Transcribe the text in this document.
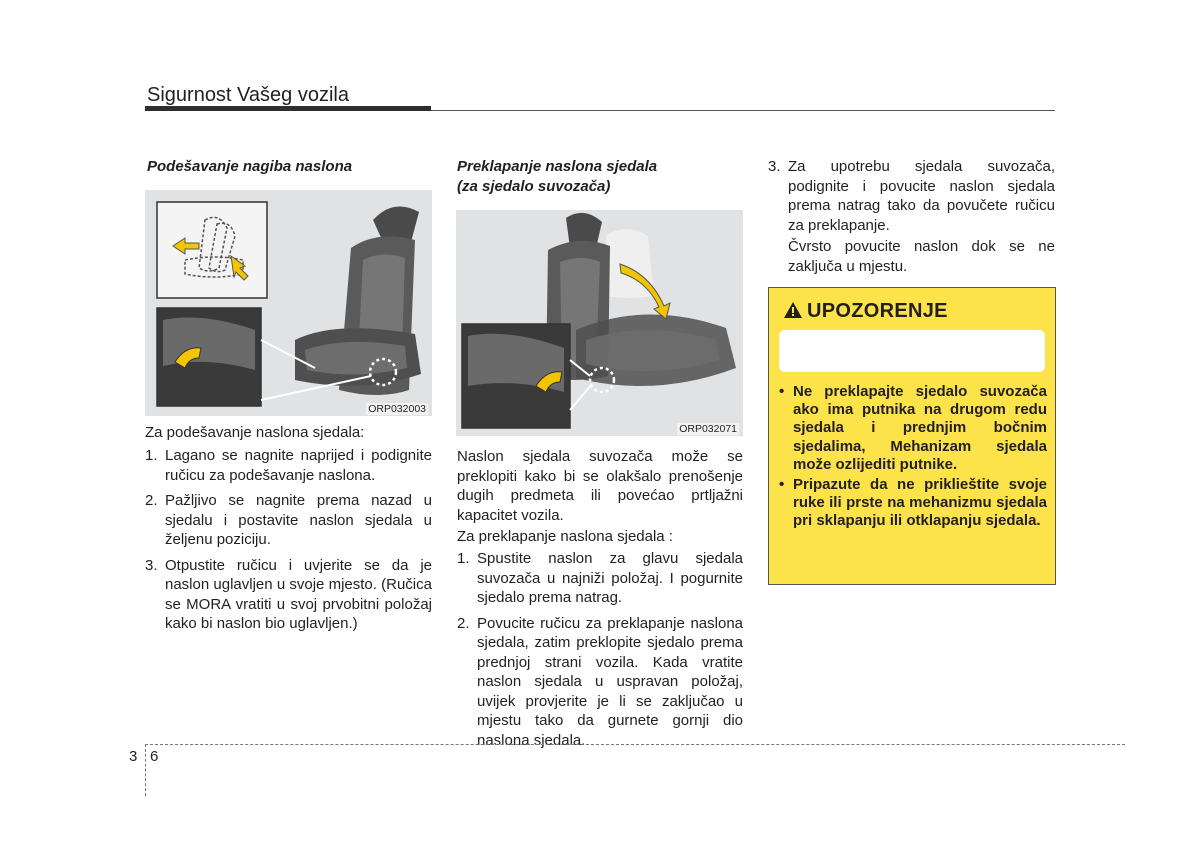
Sigurnost Vašeg vozila
Podešavanje nagiba naslona
ORP032003
Za podešavanje naslona sjedala:
1. Lagano se nagnite naprijed i podignite ručicu za podešavanje naslona.
2. Pažljivo se nagnite prema nazad u sjedalu i postavite naslon sjedala u željenu poziciju.
3. Otpustite ručicu i uvjerite se da je naslon uglavljen u svoje mjesto. (Ručica se MORA vratiti u svoj prvobitni položaj kako bi naslon bio uglavljen.)
Preklapanje naslona sjedala
(za sjedalo suvozača)
ORP032071
Naslon sjedala suvozača može se preklopiti kako bi se olakšalo prenošenje dugih predmeta ili povećao prtljažni kapacitet vozila.
Za preklapanje naslona sjedala :
1. Spustite naslon za glavu sjedala suvozača u najniži položaj. I pogurnite sjedalo prema natrag.
2. Povucite ručicu za preklapanje naslona sjedala, zatim preklopite sjedalo prema prednjoj strani vozila. Kada vratite naslon sjedala u uspravan položaj, uvijek provjerite je li se zaključao u mjestu tako da gurnete gornji dio naslona sjedala.
3. Za upotrebu sjedala suvozača, podignite i povucite naslon sjedala prema natrag tako da povučete ručicu za preklapanje.
Čvrsto povucite naslon dok se ne zaključa u mjestu.
UPOZORENJE
• Ne preklapajte sjedalo suvozača ako ima putnika na drugom redu sjedala i prednjim bočnim sjedalima, Mehanizam sjedala može ozlijediti putnike.
• Pripazute da ne priklieštite svoje ruke ili prste na mehanizmu sjedala pri sklapanju ili otklapanju sjedala.
3 6
